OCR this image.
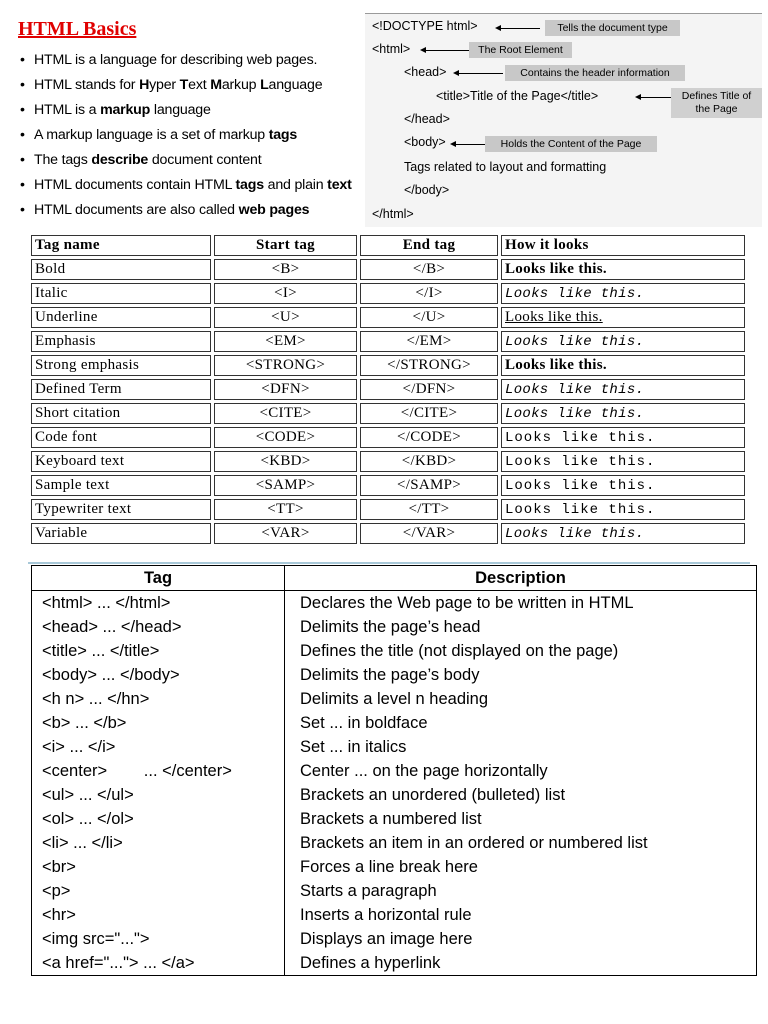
HTML Basics
• HTML is a language for describing web pages.
• HTML stands for Hyper Text Markup Language
• HTML is a markup language
• A markup language is a set of markup tags
• The tags describe document content
• HTML documents contain HTML tags and plain text
• HTML documents are also called web pages
<!DOCTYPE html>	Tells the document type
<html>	The Root Element
<head>	Contains the header information
<title>Title of the Page</title>	Defines Title of
the Page
</head>
<body>	Holds the Content of the Page
Tags related to layout and formatting
</body>
</html>
Tag name	Start tag	End tag	How it looks
Bold	<B>	</B>	Looks like this.
Italic	<I>	</I>	Looks like this.
Underline	<U>	</U>	Looks like this.
Emphasis	<EM>	</EM>	Looks like this.
Strong emphasis	<STRONG>	</STRONG>	Looks like this.
Defined Term	<DFN>	</DFN>	Looks like this.
Short citation	<CITE>	</CITE>	Looks like this.
Code font	<CODE>	</CODE>	Looks like this.
Keyboard text	<KBD>	</KBD>	Looks like this.
Sample text	<SAMP>	</SAMP>	Looks like this.
Typewriter text	<TT>	</TT>	Looks like this.
Variable	<VAR>	</VAR>	Looks like this.
Tag	Description
<html> ... </html>	Declares the Web page to be written in HTML
<head> ... </head>	Delimits the page’s head
<title> ... </title>	Defines the title (not displayed on the page)
<body> ... </body>	Delimits the page’s body
<h n> ... </hn>	Delimits a level n heading
<b> ... </b>	Set ... in boldface
<i> ... </i>	Set ... in italics
<center>        ... </center>	Center ... on the page horizontally
<ul> ... </ul>	Brackets an unordered (bulleted) list
<ol> ... </ol>	Brackets a numbered list
<li> ... </li>	Brackets an item in an ordered or numbered list
<br>	Forces a line break here
<p>	Starts a paragraph
<hr>	Inserts a horizontal rule
<img src="...">	Displays an image here
<a href="..."> ... </a>	Defines a hyperlink
